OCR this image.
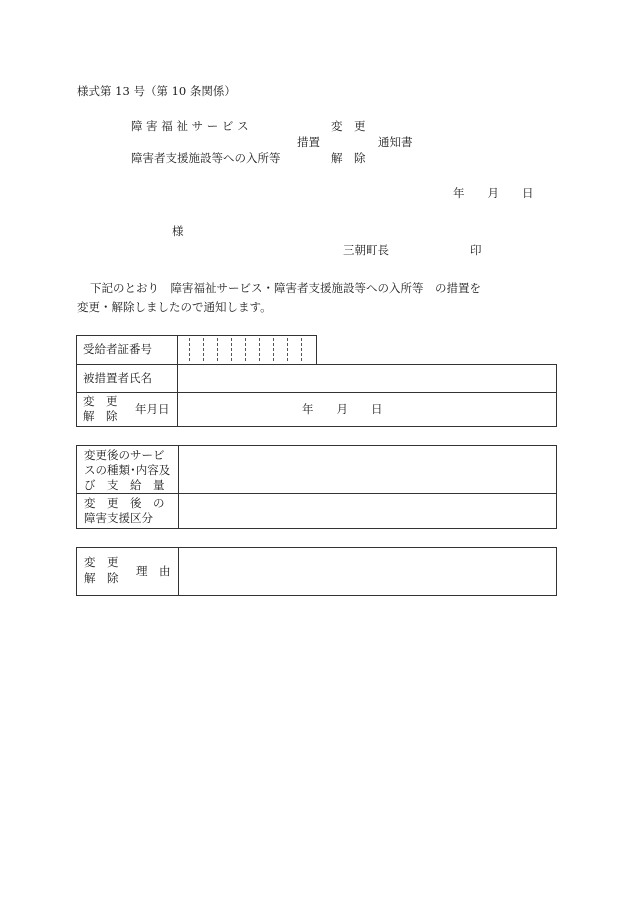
様式第 13 号（第 10 条関係）
障 害 福 祉 サ ー ビ ス
障害者支援施設等への入所等
措置
変　更
解　除
通知書
年　　月　　日
様
三朝町長	印
下記のとおり　障害福祉サービス・障害者支援施設等への入所等　の措置を
変更・解除しましたので通知します。
受給者証番号
被措置者氏名
変　更
解　除 年月日	年　　月　　日
変更後のサービ
スの種類･内容及
び　支　給　量
変　更　後　の
障害支援区分
変　更
解　除 理　由
